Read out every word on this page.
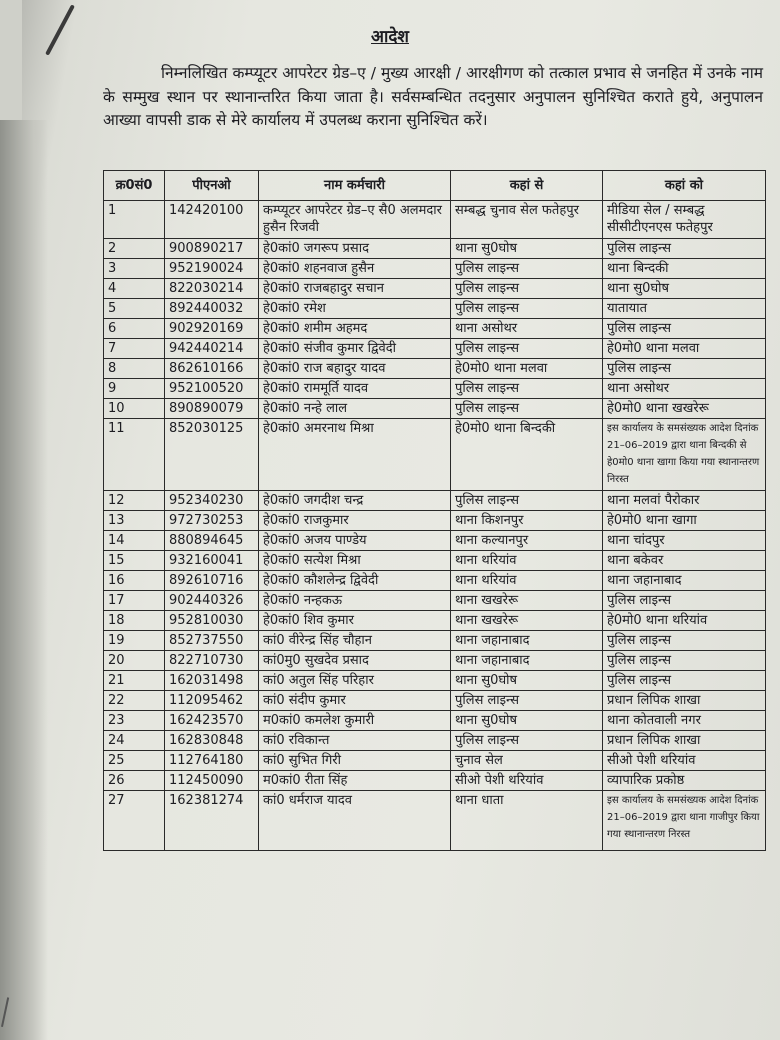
आदेश
निम्नलिखित कम्प्यूटर आपरेटर ग्रेड–ए / मुख्य आरक्षी / आरक्षीगण को तत्काल प्रभाव से जनहित में उनके नाम के सम्मुख स्थान पर स्थानान्तरित किया जाता है। सर्वसम्बन्धित तदनुसार अनुपालन सुनिश्चित कराते हुये, अनुपालन आख्या वापसी डाक से मेरे कार्यालय में उपलब्ध कराना सुनिश्चित करें।
क्र0सं0	पीएनओ	नाम कर्मचारी	कहां से	कहां को
1	142420100	कम्प्यूटर आपरेटर ग्रेड–ए सै0 अलमदार हुसैन रिजवी	सम्बद्ध चुनाव सेल फतेहपुर	मीडिया सेल / सम्बद्ध सीसीटीएनएस फतेहपुर
2	900890217	हे0कां0 जगरूप प्रसाद	थाना सु0घोष	पुलिस लाइन्स
3	952190024	हे0कां0 शहनवाज हुसैन	पुलिस लाइन्स	थाना बिन्दकी
4	822030214	हे0कां0 राजबहादुर सचान	पुलिस लाइन्स	थाना सु0घोष
5	892440032	हे0कां0 रमेश	पुलिस लाइन्स	यातायात
6	902920169	हे0कां0 शमीम अहमद	थाना असोथर	पुलिस लाइन्स
7	942440214	हे0कां0 संजीव कुमार द्विवेदी	पुलिस लाइन्स	हे0मो0 थाना मलवा
8	862610166	हे0कां0 राज बहादुर यादव	हे0मो0 थाना मलवा	पुलिस लाइन्स
9	952100520	हे0कां0 राममूर्ति यादव	पुलिस लाइन्स	थाना असोथर
10	890890079	हे0कां0 नन्हे लाल	पुलिस लाइन्स	हे0मो0 थाना खखरेरू
11	852030125	हे0कां0 अमरनाथ मिश्रा	हे0मो0 थाना बिन्दकी	इस कार्यालय के समसंख्यक आदेश दिनांक 21–06–2019 द्वारा थाना बिन्दकी से हे0मो0 थाना खागा किया गया स्थानान्तरण निरस्त
12	952340230	हे0कां0 जगदीश चन्द्र	पुलिस लाइन्स	थाना मलवां पैरोकार
13	972730253	हे0कां0 राजकुमार	थाना किशनपुर	हे0मो0 थाना खागा
14	880894645	हे0कां0 अजय पाण्डेय	थाना कल्यानपुर	थाना चांदपुर
15	932160041	हे0कां0 सत्येश मिश्रा	थाना थरियांव	थाना बकेवर
16	892610716	हे0कां0 कौशलेन्द्र द्विवेदी	थाना थरियांव	थाना जहानाबाद
17	902440326	हे0कां0 नन्हकऊ	थाना खखरेरू	पुलिस लाइन्स
18	952810030	हे0कां0 शिव कुमार	थाना खखरेरू	हे0मो0 थाना थरियांव
19	852737550	कां0 वीरेन्द्र सिंह चौहान	थाना जहानाबाद	पुलिस लाइन्स
20	822710730	कां0मु0 सुखदेव प्रसाद	थाना जहानाबाद	पुलिस लाइन्स
21	162031498	कां0 अतुल सिंह परिहार	थाना सु0घोष	पुलिस लाइन्स
22	112095462	कां0 संदीप कुमार	पुलिस लाइन्स	प्रधान लिपिक शाखा
23	162423570	म0कां0 कमलेश कुमारी	थाना सु0घोष	थाना कोतवाली नगर
24	162830848	कां0 रविकान्त	पुलिस लाइन्स	प्रधान लिपिक शाखा
25	112764180	कां0 सुभित गिरी	चुनाव सेल	सीओ पेशी थरियांव
26	112450090	म0कां0 रीता सिंह	सीओ पेशी थरियांव	व्यापारिक प्रकोष्ठ
27	162381274	कां0 धर्मराज यादव	थाना धाता	इस कार्यालय के समसंख्यक आदेश दिनांक 21–06–2019 द्वारा थाना गाजीपुर किया गया स्थानान्तरण निरस्त
